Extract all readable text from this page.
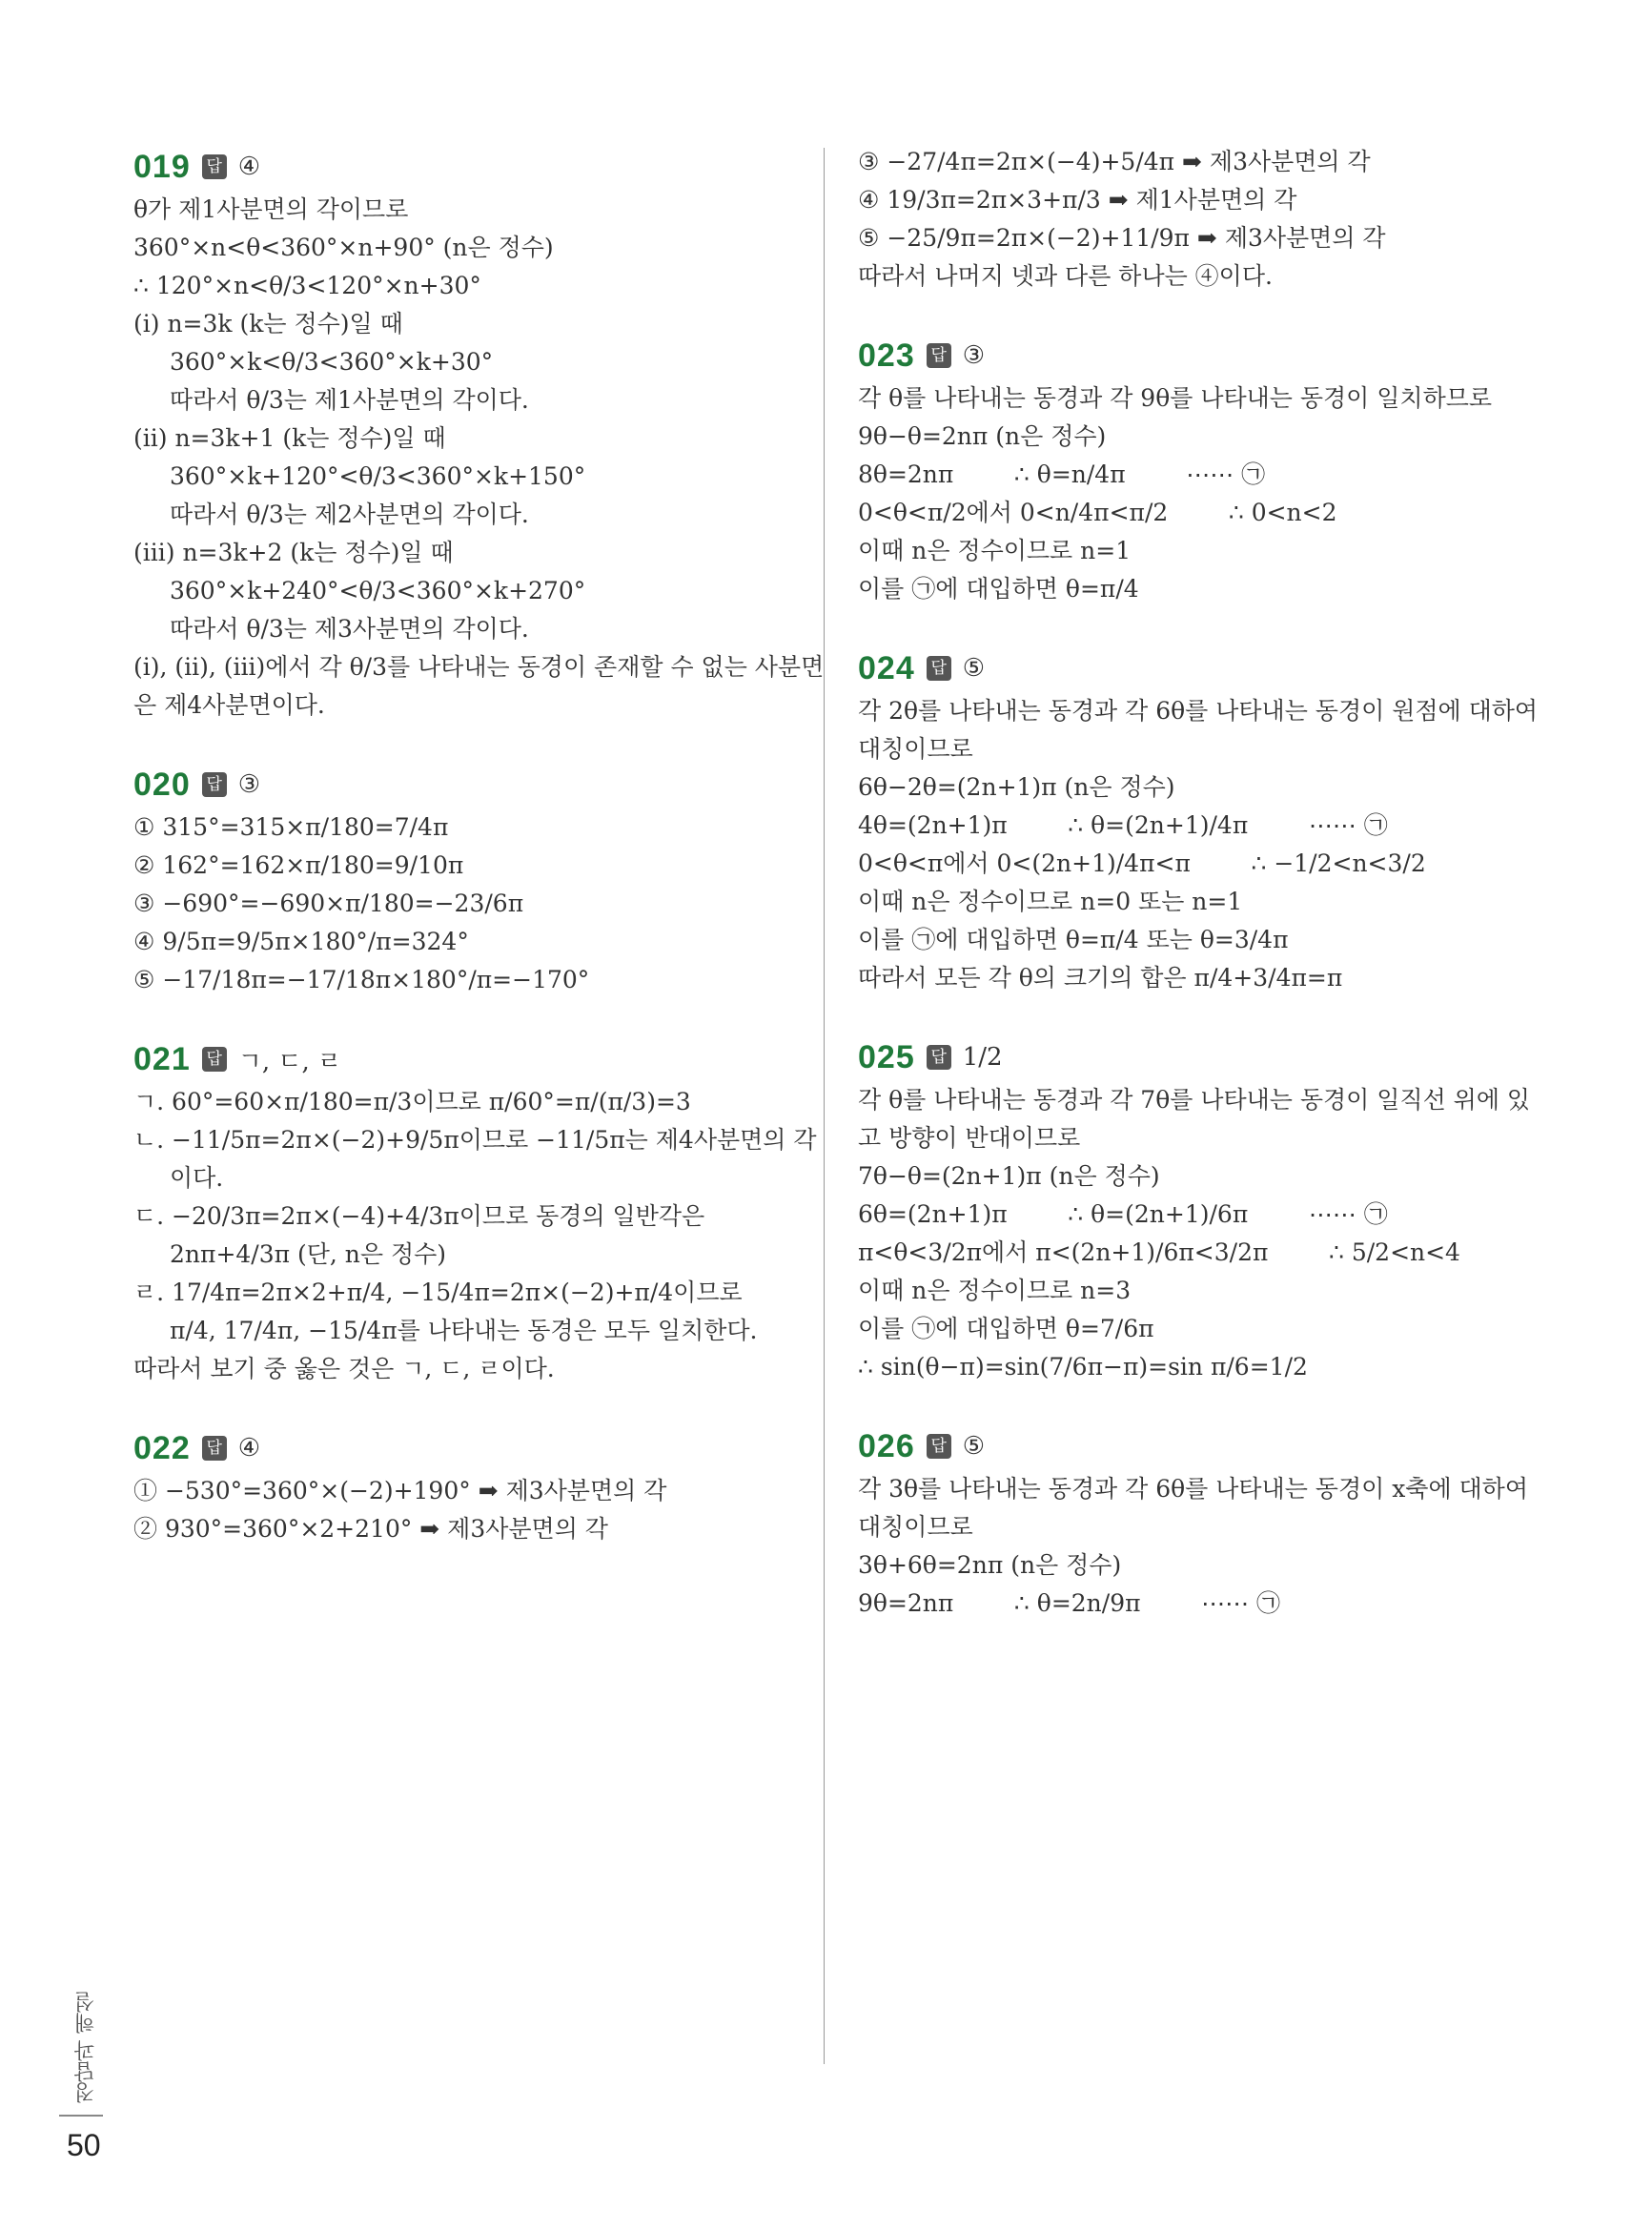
019 답 ④
θ가 제1사분면의 각이므로
360°×n<θ<360°×n+90° (n은 정수)
∴ 120°×n<θ/3<120°×n+30°
(ⅰ) n=3k (k는 정수)일 때
360°×k<θ/3<360°×k+30°
따라서 θ/3는 제1사분면의 각이다.
(ⅱ) n=3k+1 (k는 정수)일 때
360°×k+120°<θ/3<360°×k+150°
따라서 θ/3는 제2사분면의 각이다.
(ⅲ) n=3k+2 (k는 정수)일 때
360°×k+240°<θ/3<360°×k+270°
따라서 θ/3는 제3사분면의 각이다.
(ⅰ), (ⅱ), (ⅲ)에서 각 θ/3를 나타내는 동경이 존재할 수 없는 사분면
은 제4사분면이다.
020 답 ③
① 315°=315×π/180=7/4π
② 162°=162×π/180=9/10π
③ −690°=−690×π/180=−23/6π
④ 9/5π=9/5π×180°/π=324°
⑤ −17/18π=−17/18π×180°/π=−170°
021 답 ㄱ, ㄷ, ㄹ
ㄱ. 60°=60×π/180=π/3이므로 π/60°=π/(π/3)=3
ㄴ. −11/5π=2π×(−2)+9/5π이므로 −11/5π는 제4사분면의 각
이다.
ㄷ. −20/3π=2π×(−4)+4/3π이므로 동경의 일반각은
2nπ+4/3π (단, n은 정수)
ㄹ. 17/4π=2π×2+π/4, −15/4π=2π×(−2)+π/4이므로
π/4, 17/4π, −15/4π를 나타내는 동경은 모두 일치한다.
따라서 보기 중 옳은 것은 ㄱ, ㄷ, ㄹ이다.
022 답 ④
① −530°=360°×(−2)+190° ➡ 제3사분면의 각
② 930°=360°×2+210° ➡ 제3사분면의 각
③ −27/4π=2π×(−4)+5/4π ➡ 제3사분면의 각
④ 19/3π=2π×3+π/3 ➡ 제1사분면의 각
⑤ −25/9π=2π×(−2)+11/9π ➡ 제3사분면의 각
따라서 나머지 넷과 다른 하나는 ④이다.
023 답 ③
각 θ를 나타내는 동경과 각 9θ를 나타내는 동경이 일치하므로
9θ−θ=2nπ (n은 정수)
8θ=2nπ        ∴ θ=n/4π        ⋯⋯ ㉠
0<θ<π/2에서 0<n/4π<π/2        ∴ 0<n<2
이때 n은 정수이므로 n=1
이를 ㉠에 대입하면 θ=π/4
024 답 ⑤
각 2θ를 나타내는 동경과 각 6θ를 나타내는 동경이 원점에 대하여
대칭이므로
6θ−2θ=(2n+1)π (n은 정수)
4θ=(2n+1)π        ∴ θ=(2n+1)/4π        ⋯⋯ ㉠
0<θ<π에서 0<(2n+1)/4π<π        ∴ −1/2<n<3/2
이때 n은 정수이므로 n=0 또는 n=1
이를 ㉠에 대입하면 θ=π/4 또는 θ=3/4π
따라서 모든 각 θ의 크기의 합은 π/4+3/4π=π
025 답 1/2
각 θ를 나타내는 동경과 각 7θ를 나타내는 동경이 일직선 위에 있
고 방향이 반대이므로
7θ−θ=(2n+1)π (n은 정수)
6θ=(2n+1)π        ∴ θ=(2n+1)/6π        ⋯⋯ ㉠
π<θ<3/2π에서 π<(2n+1)/6π<3/2π        ∴ 5/2<n<4
이때 n은 정수이므로 n=3
이를 ㉠에 대입하면 θ=7/6π
∴ sin(θ−π)=sin(7/6π−π)=sin π/6=1/2
026 답 ⑤
각 3θ를 나타내는 동경과 각 6θ를 나타내는 동경이 x축에 대하여
대칭이므로
3θ+6θ=2nπ (n은 정수)
9θ=2nπ        ∴ θ=2n/9π        ⋯⋯ ㉠
정답과 해설
50
